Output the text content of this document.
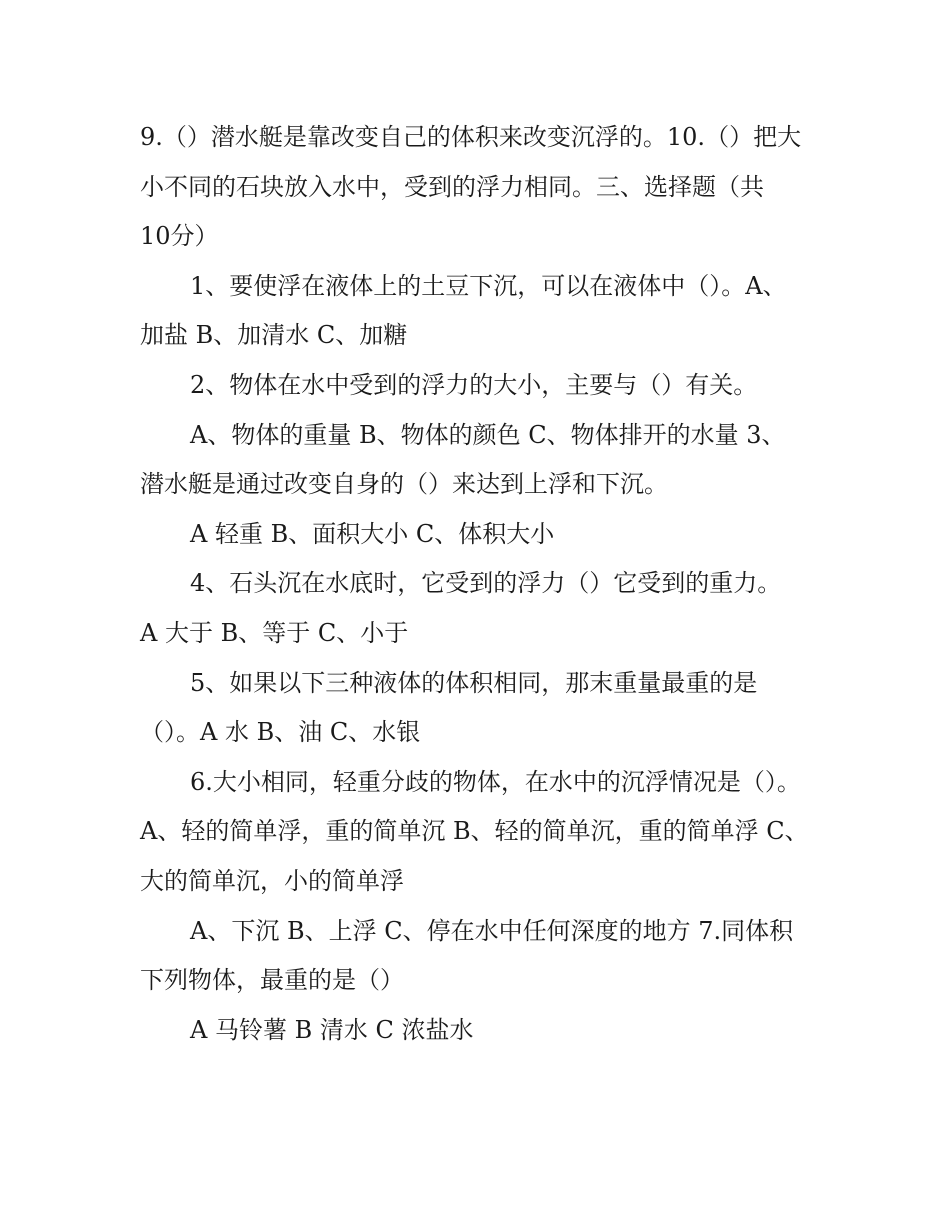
9.（）潜水艇是靠改变自己的体积来改变沉浮的。10.（）把大
小不同的石块放入水中，受到的浮力相同。三、选择题（共
10分）
1、要使浮在液体上的土豆下沉，可以在液体中（）。A、
加盐 B、加清水 C、加糖
2、物体在水中受到的浮力的大小，主要与（）有关。
A、物体的重量 B、物体的颜色 C、物体排开的水量 3、
潜水艇是通过改变自身的（）来达到上浮和下沉。
A 轻重 B、面积大小 C、体积大小
4、石头沉在水底时，它受到的浮力（）它受到的重力。
A 大于 B、等于 C、小于
5、如果以下三种液体的体积相同，那末重量最重的是
（）。A 水 B、油 C、水银
6.大小相同，轻重分歧的物体，在水中的沉浮情况是（）。
A、轻的简单浮，重的简单沉 B、轻的简单沉，重的简单浮 C、
大的简单沉，小的简单浮
A、下沉 B、上浮 C、停在水中任何深度的地方 7.同体积
下列物体，最重的是（）
A 马铃薯 B 清水 C 浓盐水
